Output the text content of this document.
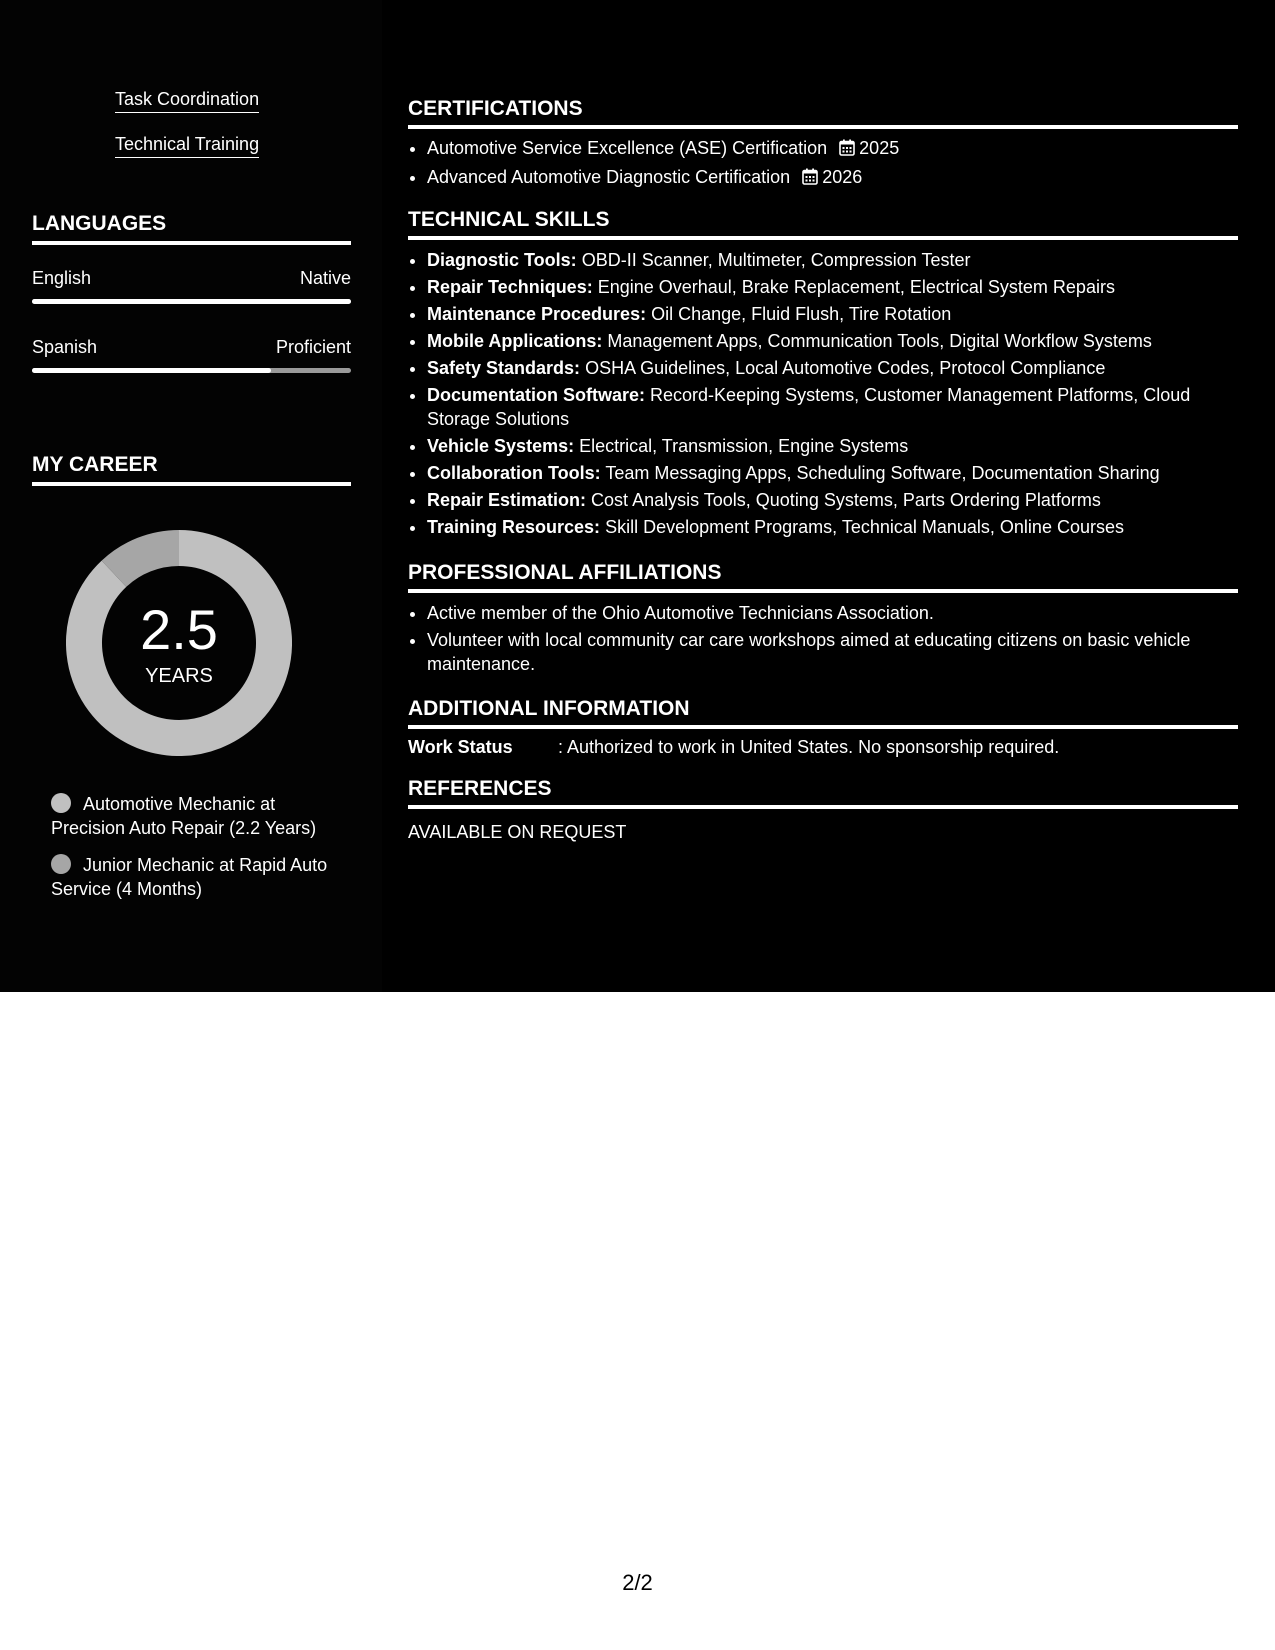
Task Coordination
Technical Training
LANGUAGES
English	Native
Spanish	Proficient
MY CAREER
2.5
YEARS
Automotive Mechanic at Precision Auto Repair (2.2 Years)
Junior Mechanic at Rapid Auto Service (4 Months)
CERTIFICATIONS
• Automotive Service Excellence (ASE) Certification 2025
• Advanced Automotive Diagnostic Certification 2026
TECHNICAL SKILLS
• Diagnostic Tools: OBD-II Scanner, Multimeter, Compression Tester
• Repair Techniques: Engine Overhaul, Brake Replacement, Electrical System Repairs
• Maintenance Procedures: Oil Change, Fluid Flush, Tire Rotation
• Mobile Applications: Management Apps, Communication Tools, Digital Workflow Systems
• Safety Standards: OSHA Guidelines, Local Automotive Codes, Protocol Compliance
• Documentation Software: Record-Keeping Systems, Customer Management Platforms, Cloud Storage Solutions
• Vehicle Systems: Electrical, Transmission, Engine Systems
• Collaboration Tools: Team Messaging Apps, Scheduling Software, Documentation Sharing
• Repair Estimation: Cost Analysis Tools, Quoting Systems, Parts Ordering Platforms
• Training Resources: Skill Development Programs, Technical Manuals, Online Courses
PROFESSIONAL AFFILIATIONS
• Active member of the Ohio Automotive Technicians Association.
• Volunteer with local community car care workshops aimed at educating citizens on basic vehicle maintenance.
ADDITIONAL INFORMATION
Work Status	: Authorized to work in United States. No sponsorship required.
REFERENCES
AVAILABLE ON REQUEST
2/2
